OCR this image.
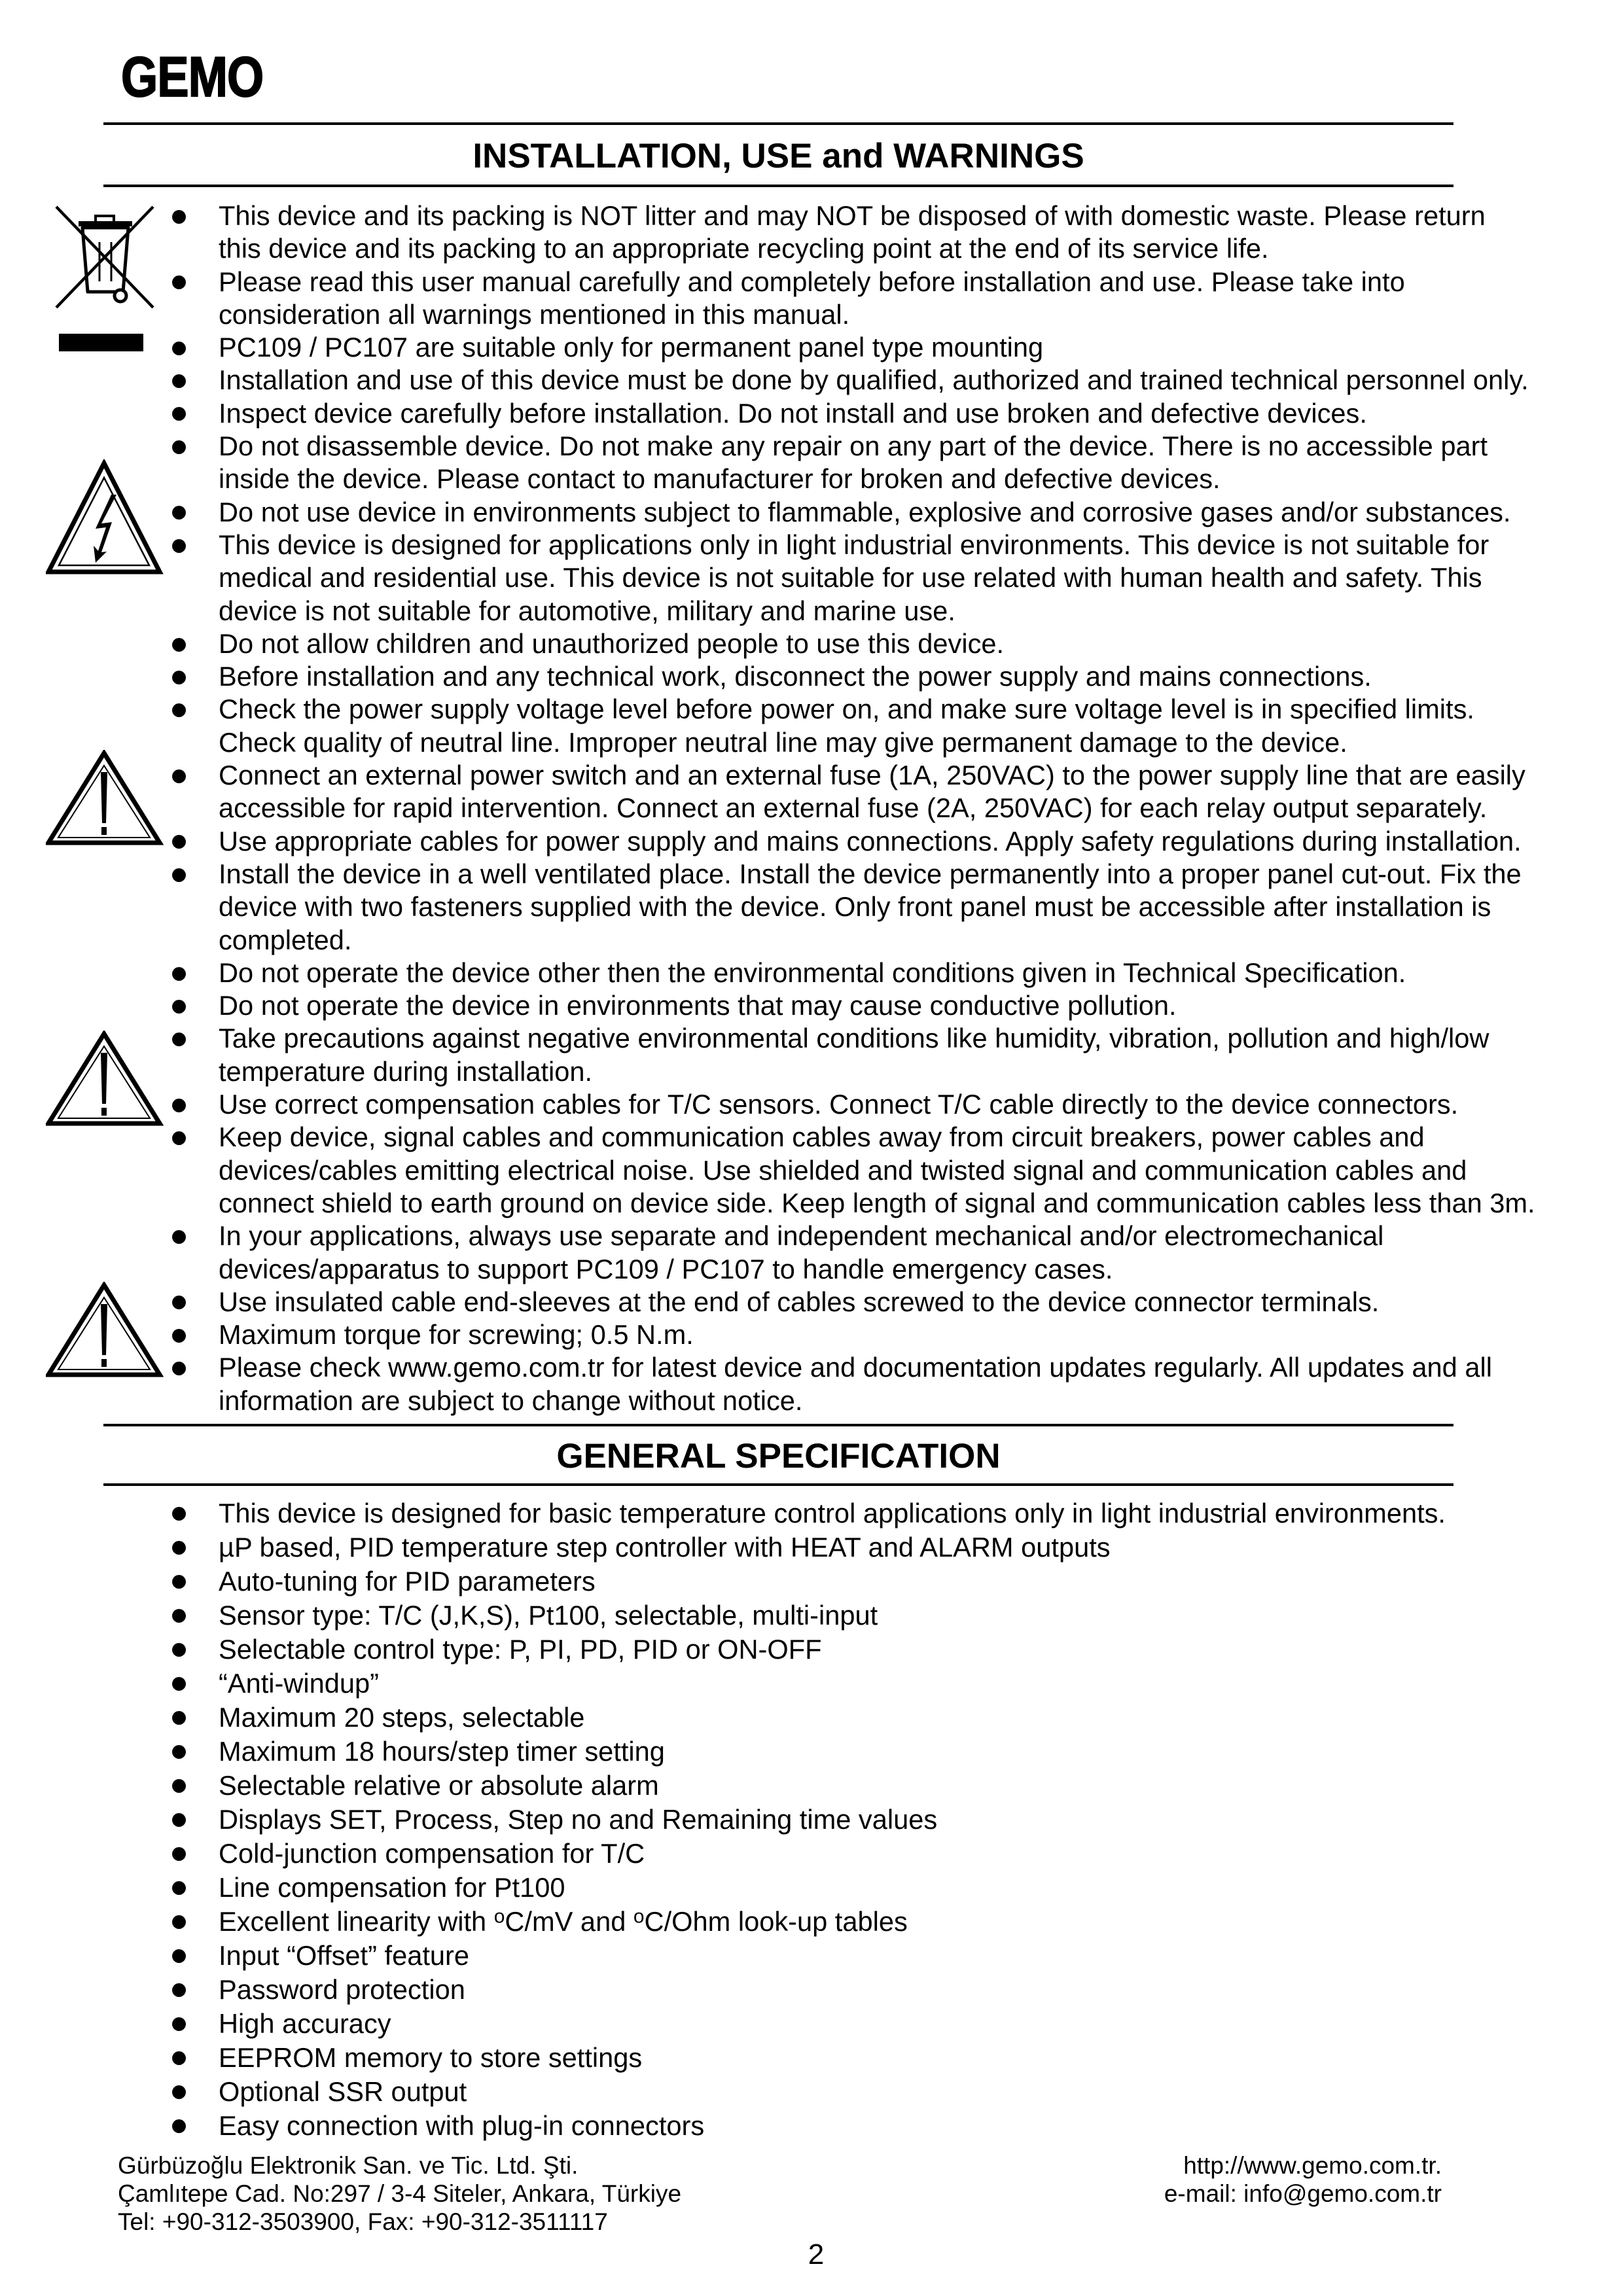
GEMO
INSTALLATION, USE and WARNINGS
This device and its packing is NOT litter and may NOT be disposed of with domestic waste. Please return
this device and its packing to an appropriate recycling point at the end of its service life.
Please read this user manual carefully and completely before installation and use. Please take into
consideration all warnings mentioned in this manual.
PC109 / PC107 are suitable only for permanent panel type mounting
Installation and use of this device must be done by qualified, authorized and trained technical personnel only.
Inspect device carefully before installation. Do not install and use broken and defective devices.
Do not disassemble device. Do not make any repair on any part of the device. There is no accessible part
inside the device. Please contact to manufacturer for broken and defective devices.
Do not use device in environments subject to flammable, explosive and corrosive gases and/or substances.
This device is designed for applications only in light industrial environments. This device is not suitable for
medical and residential use. This device is not suitable for use related with human health and safety. This
device is not suitable for automotive, military and marine use.
Do not allow children and unauthorized people to use this device.
Before installation and any technical work, disconnect the power supply and mains connections.
Check the power supply voltage level before power on, and make sure voltage level is in specified limits.
Check quality of neutral line. Improper neutral line may give permanent damage to the device.
Connect an external power switch and an external fuse (1A, 250VAC) to the power supply line that are easily
accessible for rapid intervention. Connect an external fuse (2A, 250VAC) for each relay output separately.
Use appropriate cables for power supply and mains connections. Apply safety regulations during installation.
Install the device in a well ventilated place. Install the device permanently into a proper panel cut-out. Fix the
device with two fasteners supplied with the device. Only front panel must be accessible after installation is
completed.
Do not operate the device other then the environmental conditions given in Technical Specification.
Do not operate the device in environments that may cause conductive pollution.
Take precautions against negative environmental conditions like humidity, vibration, pollution and high/low
temperature during installation.
Use correct compensation cables for T/C sensors. Connect T/C cable directly to the device connectors.
Keep device, signal cables and communication cables away from circuit breakers, power cables and
devices/cables emitting electrical noise. Use shielded and twisted signal and communication cables and
connect shield to earth ground on device side. Keep length of signal and communication cables less than 3m.
In your applications, always use separate and independent mechanical and/or electromechanical
devices/apparatus to support PC109 / PC107 to handle emergency cases.
Use insulated cable end-sleeves at the end of cables screwed to the device connector terminals.
Maximum torque for screwing; 0.5 N.m.
Please check www.gemo.com.tr for latest device and documentation updates regularly. All updates and all
information are subject to change without notice.
GENERAL SPECIFICATION
This device is designed for basic temperature control applications only in light industrial environments.
µP based, PID temperature step controller with HEAT and ALARM outputs
Auto-tuning for PID parameters
Sensor type: T/C (J,K,S), Pt100, selectable, multi-input
Selectable control type: P, PI, PD, PID or ON-OFF
“Anti-windup”
Maximum 20 steps, selectable
Maximum 18 hours/step timer setting
Selectable relative or absolute alarm
Displays SET, Process, Step no and Remaining time values
Cold-junction compensation for T/C
Line compensation for Pt100
Excellent linearity with $^o$C/mV and $^o$C/Ohm look-up tables
Input “Offset” feature
Password protection
High accuracy
EEPROM memory to store settings
Optional SSR output
Easy connection with plug-in connectors
Gürbüzoğlu Elektronik San. ve Tic. Ltd. Şti.
Çamlıtepe Cad. No:297 / 3-4 Siteler, Ankara, Türkiye
Tel: +90-312-3503900, Fax: +90-312-3511117
http://www.gemo.com.tr.
e-mail: info@gemo.com.tr
2
